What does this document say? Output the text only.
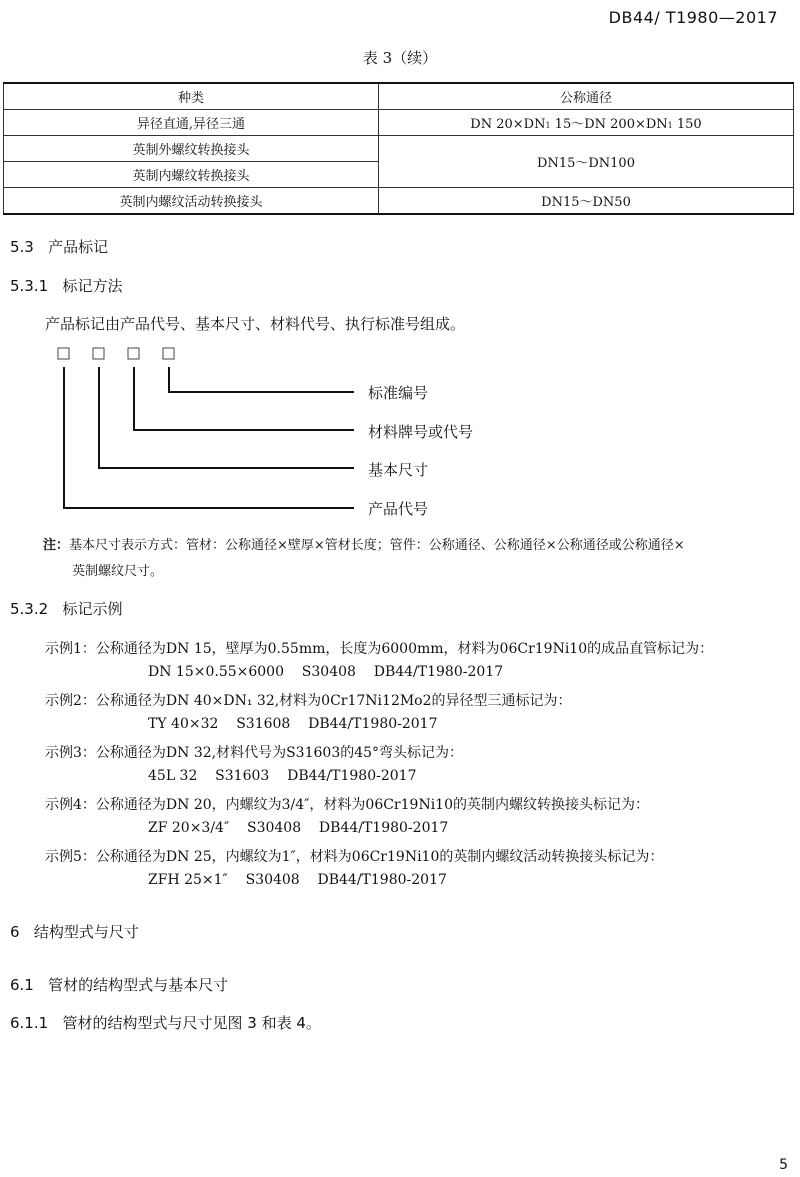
DB44/ T1980—2017
表 3（续）
种类	公称通径
异径直通,异径三通	DN 20×DN1 15～DN 200×DN1 150
英制外螺纹转换接头	DN15～DN100
英制内螺纹转换接头	
英制内螺纹活动转换接头	DN15～DN50
5.3 产品标记
5.3.1 标记方法
产品标记由产品代号、基本尺寸、材料代号、执行标准号组成。
标准编号
材料牌号或代号
基本尺寸
产品代号
注：基本尺寸表示方式：管材：公称通径×壁厚×管材长度；管件：公称通径、公称通径×公称通径或公称通径×
英制螺纹尺寸。
5.3.2 标记示例
示例1：公称通径为DN 15，壁厚为0.55mm，长度为6000mm，材料为06Cr19Ni10的成品直管标记为：
DN 15×0.55×6000    S30408    DB44/T1980-2017
示例2：公称通径为DN 40×DN₁ 32,材料为0Cr17Ni12Mo2的异径型三通标记为：
TY 40×32    S31608    DB44/T1980-2017
示例3：公称通径为DN 32,材料代号为S31603的45°弯头标记为：
45L 32    S31603    DB44/T1980-2017
示例4：公称通径为DN 20，内螺纹为3/4″，材料为06Cr19Ni10的英制内螺纹转换接头标记为：
ZF 20×3/4″    S30408    DB44/T1980-2017
示例5：公称通径为DN 25，内螺纹为1″，材料为06Cr19Ni10的英制内螺纹活动转换接头标记为：
ZFH 25×1″    S30408    DB44/T1980-2017
6 结构型式与尺寸
6.1 管材的结构型式与基本尺寸
6.1.1 管材的结构型式与尺寸见图 3 和表 4。
5
